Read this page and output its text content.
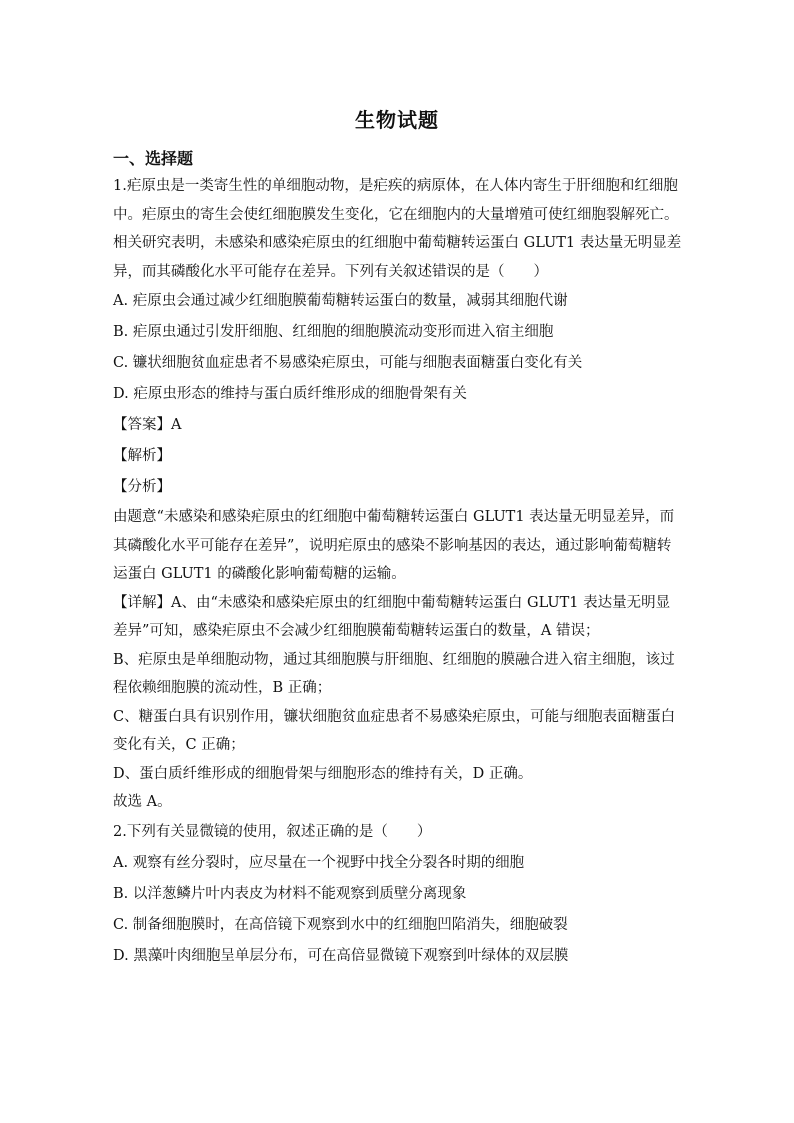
生物试题
一、选择题

1.疟原虫是一类寄生性的单细胞动物，是疟疾的病原体，在人体内寄生于肝细胞和红细胞中。疟原虫的寄生会使红细胞膜发生变化，它在细胞内的大量增殖可使红细胞裂解死亡。相关研究表明，未感染和感染疟原虫的红细胞中葡萄糖转运蛋白 GLUT1 表达量无明显差异，而其磷酸化水平可能存在差异。下列有关叙述错误的是（　　）

A. 疟原虫会通过减少红细胞膜葡萄糖转运蛋白的数量，减弱其细胞代谢

B. 疟原虫通过引发肝细胞、红细胞的细胞膜流动变形而进入宿主细胞

C. 镰状细胞贫血症患者不易感染疟原虫，可能与细胞表面糖蛋白变化有关

D. 疟原虫形态的维持与蛋白质纤维形成的细胞骨架有关

【答案】A

【解析】

【分析】

由题意“未感染和感染疟原虫的红细胞中葡萄糖转运蛋白 GLUT1 表达量无明显差异，而其磷酸化水平可能存在差异”，说明疟原虫的感染不影响基因的表达，通过影响葡萄糖转运蛋白 GLUT1 的磷酸化影响葡萄糖的运输。

【详解】A、由“未感染和感染疟原虫的红细胞中葡萄糖转运蛋白 GLUT1 表达量无明显差异”可知，感染疟原虫不会减少红细胞膜葡萄糖转运蛋白的数量，A 错误；

B、疟原虫是单细胞动物，通过其细胞膜与肝细胞、红细胞的膜融合进入宿主细胞，该过程依赖细胞膜的流动性，B 正确；

C、糖蛋白具有识别作用，镰状细胞贫血症患者不易感染疟原虫，可能与细胞表面糖蛋白变化有关，C 正确；

D、蛋白质纤维形成的细胞骨架与细胞形态的维持有关，D 正确。

故选 A。

2.下列有关显微镜的使用，叙述正确的是（　　）

A. 观察有丝分裂时，应尽量在一个视野中找全分裂各时期的细胞

B. 以洋葱鳞片叶内表皮为材料不能观察到质壁分离现象

C. 制备细胞膜时，在高倍镜下观察到水中的红细胞凹陷消失，细胞破裂

D. 黑藻叶肉细胞呈单层分布，可在高倍显微镜下观察到叶绿体的双层膜
